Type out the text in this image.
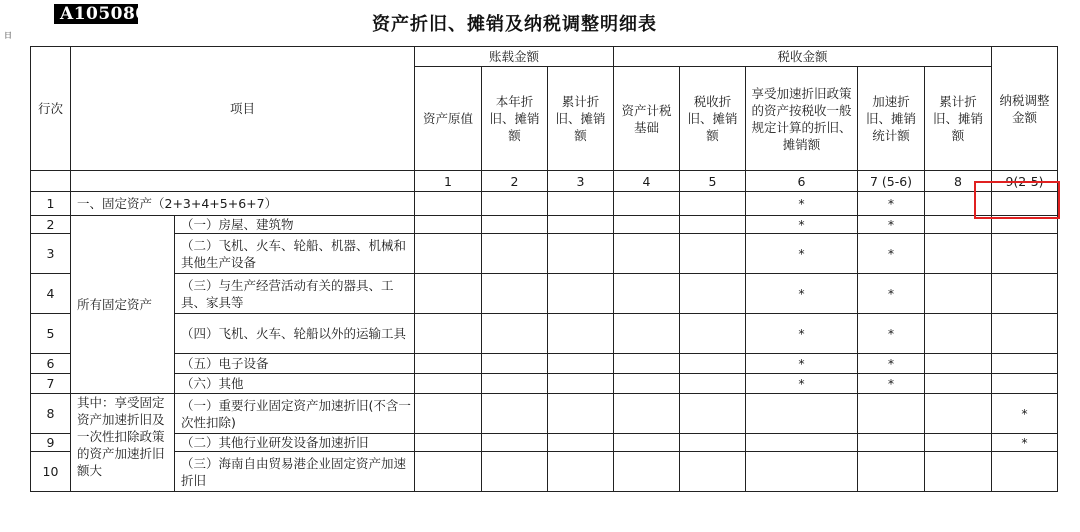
A105080
日
资产折旧、摊销及纳税调整明细表
行次	项目		账载金额			税收金额					纳税调整金额
			资产原值	本年折旧、摊销额	累计折旧、摊销额	资产计税基础	税收折旧、摊销额	享受加速折旧政策的资产按税收一般规定计算的折旧、摊销额	加速折旧、摊销统计额	累计折旧、摊销额	
			1	2	3	4	5	6	7 (5-6)	8	9(2-5)
1	一、固定资产（2+3+4+5+6+7）							*	*		
2	所有固定资产	（一）房屋、建筑物						*	*		
3		（二）飞机、火车、轮船、机器、机械和其他生产设备						*	*		
4		（三）与生产经营活动有关的器具、工具、家具等						*	*		
5		（四）飞机、火车、轮船以外的运输工具						*	*		
6		（五）电子设备						*	*		
7		（六）其他						*	*		
8	其中：享受固定资产加速折旧及一次性扣除政策的资产加速折旧额大	（一）重要行业固定资产加速折旧(不含一次性扣除)									*
9		（二）其他行业研发设备加速折旧									*
10		（三）海南自由贸易港企业固定资产加速折旧									
